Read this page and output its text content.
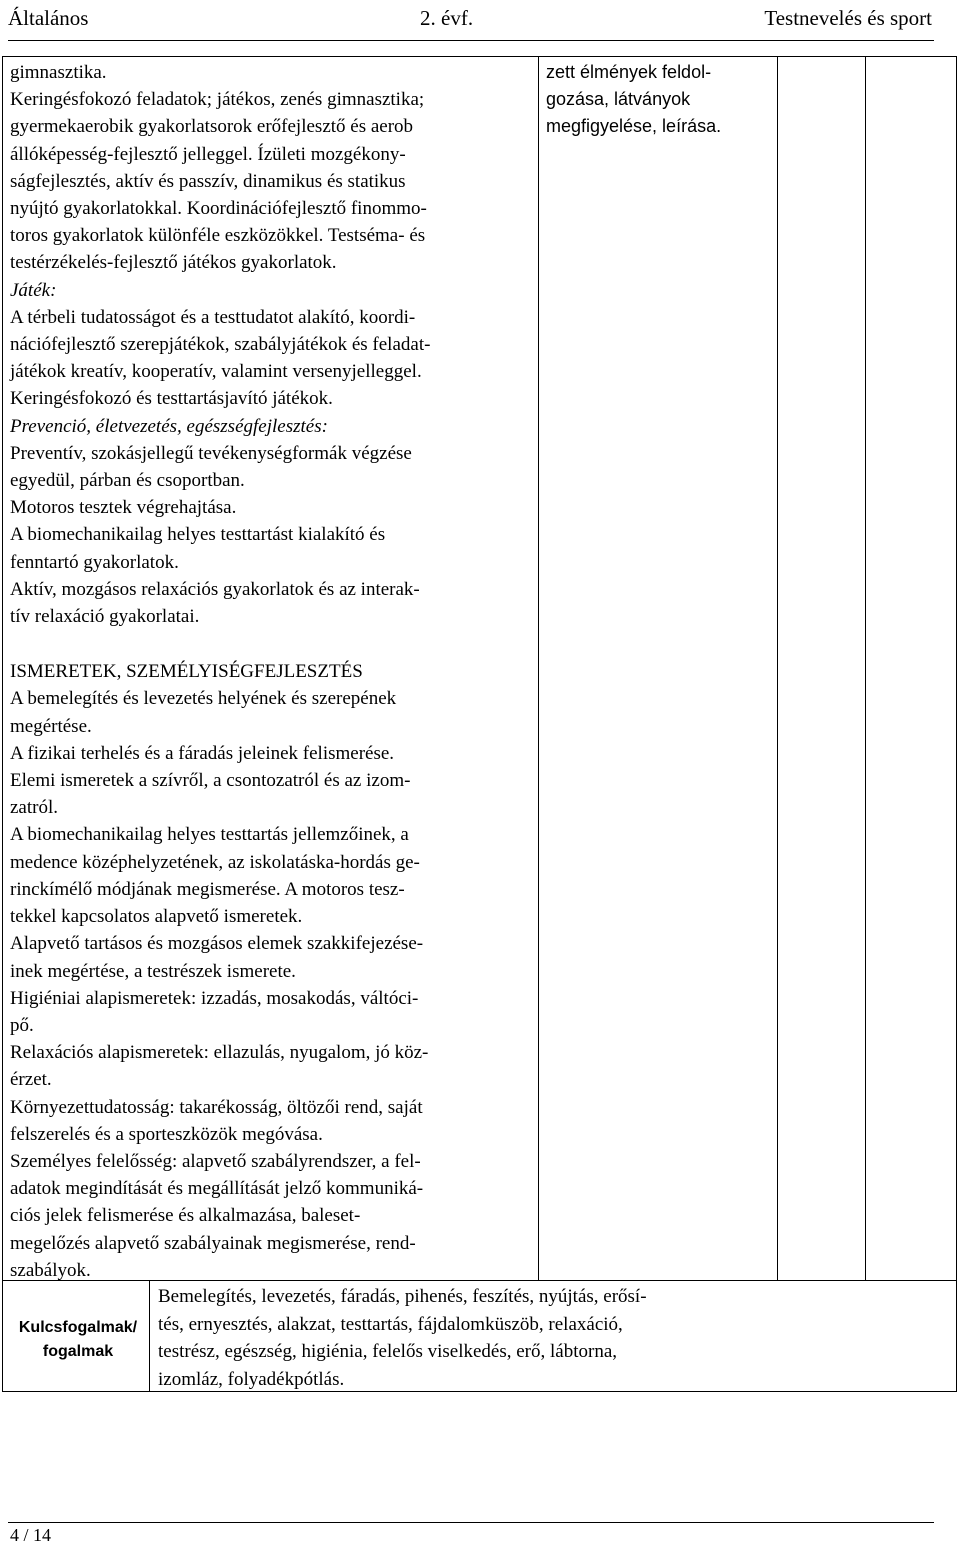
Általános	2. évf.	Testnevelés és sport

gimnasztika.
Keringésfokozó feladatok; játékos, zenés gimnasztika;
gyermekaerobik gyakorlatsorok erőfejlesztő és aerob
állóképesség-fejlesztő jelleggel. Ízületi mozgékony-
ságfejlesztés, aktív és passzív, dinamikus és statikus
nyújtó gyakorlatokkal. Koordinációfejlesztő finommo-
toros gyakorlatok különféle eszközökkel. Testséma- és
testérzékelés-fejlesztő játékos gyakorlatok.

Játék:

A térbeli tudatosságot és a testtudatot alakító, koordi-
nációfejlesztő szerepjátékok, szabályjátékok és feladat-
játékok kreatív, kooperatív, valamint versenyjelleggel.
Keringésfokozó és testtartásjavító játékok.

Prevenció, életvezetés, egészségfejlesztés:

Preventív, szokásjellegű tevékenységformák végzése
egyedül, párban és csoportban.
Motoros tesztek végrehajtása.
A biomechanikailag helyes testtartást kialakító és
fenntartó gyakorlatok.
Aktív, mozgásos relaxációs gyakorlatok és az interak-
tív relaxáció gyakorlatai.

ISMERETEK, SZEMÉLYISÉGFEJLESZTÉS

A bemelegítés és levezetés helyének és szerepének
megértése.
A fizikai terhelés és a fáradás jeleinek felismerése.
Elemi ismeretek a szívről, a csontozatról és az izom-
zatról.
A biomechanikailag helyes testtartás jellemzőinek, a
medence középhelyzetének, az iskolatáska-hordás ge-
rinckímélő módjának megismerése. A motoros tesz-
tekkel kapcsolatos alapvető ismeretek.
Alapvető tartásos és mozgásos elemek szakkifejezése-
inek megértése, a testrészek ismerete.
Higiéniai alapismeretek: izzadás, mosakodás, váltóci-
pő.
Relaxációs alapismeretek: ellazulás, nyugalom, jó köz-
érzet.
Környezettudatosság: takarékosság, öltözői rend, saját
felszerelés és a sporteszközök megóvása.
Személyes felelősség: alapvető szabályrendszer, a fel-
adatok megindítását és megállítását jelző kommuniká-
ciós jelek felismerése és alkalmazása, baleset-
megelőzés alapvető szabályainak megismerése, rend-
szabályok.

zett élmények feldol-
gozása, látványok
megfigyelése, leírása.
Kulcsfogalmak/
fogalmak
Bemelegítés, levezetés, fáradás, pihenés, feszítés, nyújtás, erősí-
tés, ernyesztés, alakzat, testtartás, fájdalomküszöb, relaxáció,
testrész, egészség, higiénia, felelős viselkedés, erő, lábtorna,
izomláz, folyadékpótlás.
4 / 14
